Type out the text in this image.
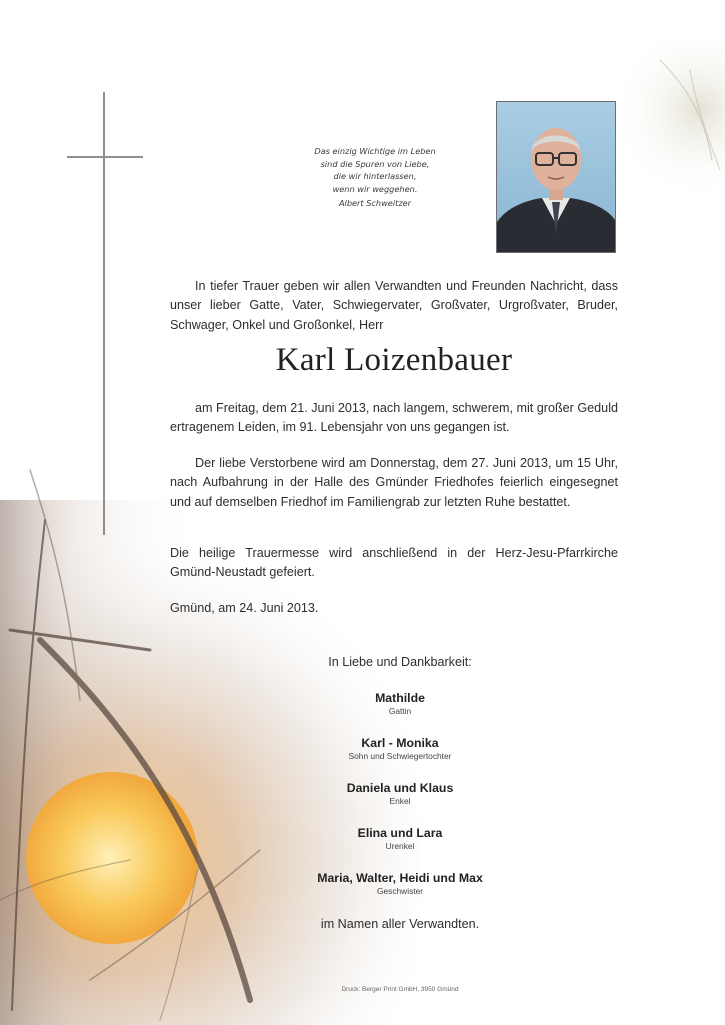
Das einzig Wichtige im Leben
sind die Spuren von Liebe,
die wir hinterlassen,
wenn wir weggehen.
Albert Schweitzer
In tiefer Trauer geben wir allen Verwandten und Freunden Nachricht, dass unser lieber Gatte, Vater, Schwiegervater, Großvater, Urgroßvater, Bruder, Schwager, Onkel und Großonkel, Herr
Karl Loizenbauer
am Freitag, dem 21. Juni 2013, nach langem, schwerem, mit großer Geduld ertragenem Leiden, im 91. Lebensjahr von uns gegangen ist.
Der liebe Verstorbene wird am Donnerstag, dem 27. Juni 2013, um 15 Uhr, nach Aufbahrung in der Halle des Gmünder Friedhofes feierlich eingesegnet und auf demselben Friedhof im Familiengrab zur letzten Ruhe bestattet.
Die heilige Trauermesse wird anschließend in der Herz-Jesu-Pfarrkirche Gmünd-Neustadt gefeiert.
Gmünd, am 24. Juni 2013.
In Liebe und Dankbarkeit:
Mathilde
Gattin
Karl - Monika
Sohn und Schwiegertochter
Daniela und Klaus
Enkel
Elina und Lara
Urenkel
Maria, Walter, Heidi und Max
Geschwister
im Namen aller Verwandten.
Druck: Berger Print GmbH, 3950 Gmünd
